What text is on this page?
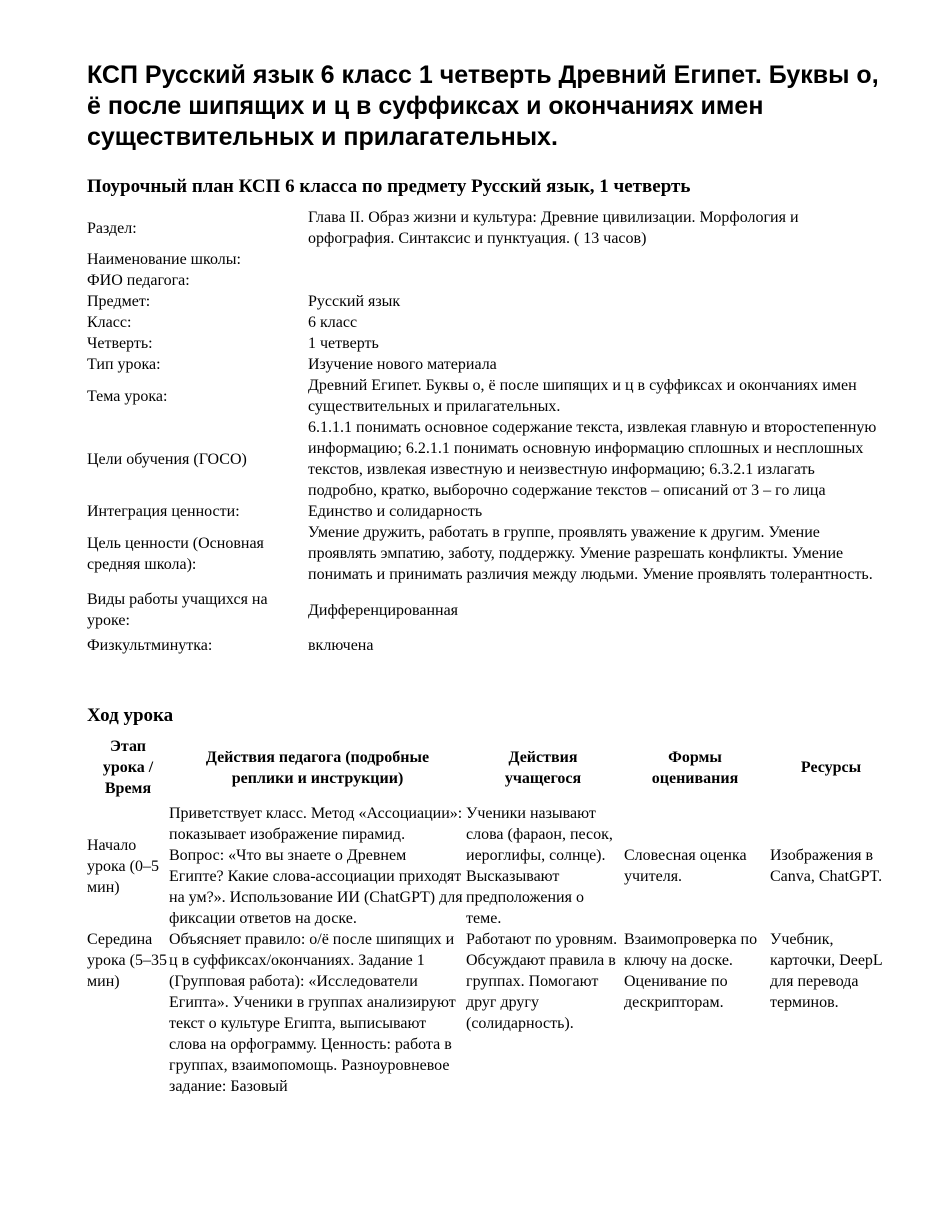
КСП Русский язык 6 класс 1 четверть Древний Египет. Буквы о, ё после шипящих и ц в суффиксах и окончаниях имен существительных и прилагательных.
Поурочный план КСП 6 класса по предмету Русский язык, 1 четверть
Раздел:	Глава II. Образ жизни и культура: Древние цивилизации. Морфология и орфография. Синтаксис и пунктуация. ( 13 часов)
Наименование школы:	
ФИО педагога:	
Предмет:	Русский язык
Класс:	6 класс
Четверть:	1 четверть
Тип урока:	Изучение нового материала
Тема урока:	Древний Египет. Буквы о, ё после шипящих и ц в суффиксах и окончаниях имен существительных и прилагательных.
Цели обучения (ГОСО)	6.1.1.1 понимать основное содержание текста, извлекая главную и второстепенную информацию; 6.2.1.1 понимать основную информацию сплошных и несплошных текстов, извлекая известную и неизвестную информацию; 6.3.2.1 излагать подробно, кратко, выборочно содержание текстов – описаний от 3 – го лица
Интеграция ценности:	Единство и солидарность
Цель ценности (Основная средняя школа):	Умение дружить, работать в группе, проявлять уважение к другим. Умение проявлять эмпатию, заботу, поддержку. Умение разрешать конфликты. Умение понимать и принимать различия между людьми. Умение проявлять толерантность.
Виды работы учащихся на уроке:	Дифференцированная
Физкультминутка:	включена
Ход урока
Этап урока / Время	Действия педагога (подробные реплики и инструкции)	Действия учащегося	Формы оценивания	Ресурсы
Начало урока (0–5 мин)	Приветствует класс. Метод «Ассоциации»: показывает изображение пирамид. Вопрос: «Что вы знаете о Древнем Египте? Какие слова-ассоциации приходят на ум?». Использование ИИ (ChatGPT) для фиксации ответов на доске.	Ученики называют слова (фараон, песок, иероглифы, солнце). Высказывают предположения о теме.	Словесная оценка учителя.	Изображения в Canva, ChatGPT.
Середина урока (5–35 мин)	Объясняет правило: о/ё после шипящих и ц в суффиксах/окончаниях. Задание 1 (Групповая работа): «Исследователи Египта». Ученики в группах анализируют текст о культуре Египта, выписывают слова на орфограмму. Ценность: работа в группах, взаимопомощь. Разноуровневое задание: Базовый	Работают по уровням. Обсуждают правила в группах. Помогают друг другу (солидарность).	Взаимопроверка по ключу на доске. Оценивание по дескрипторам.	Учебник, карточки, DeepL для перевода терминов.
